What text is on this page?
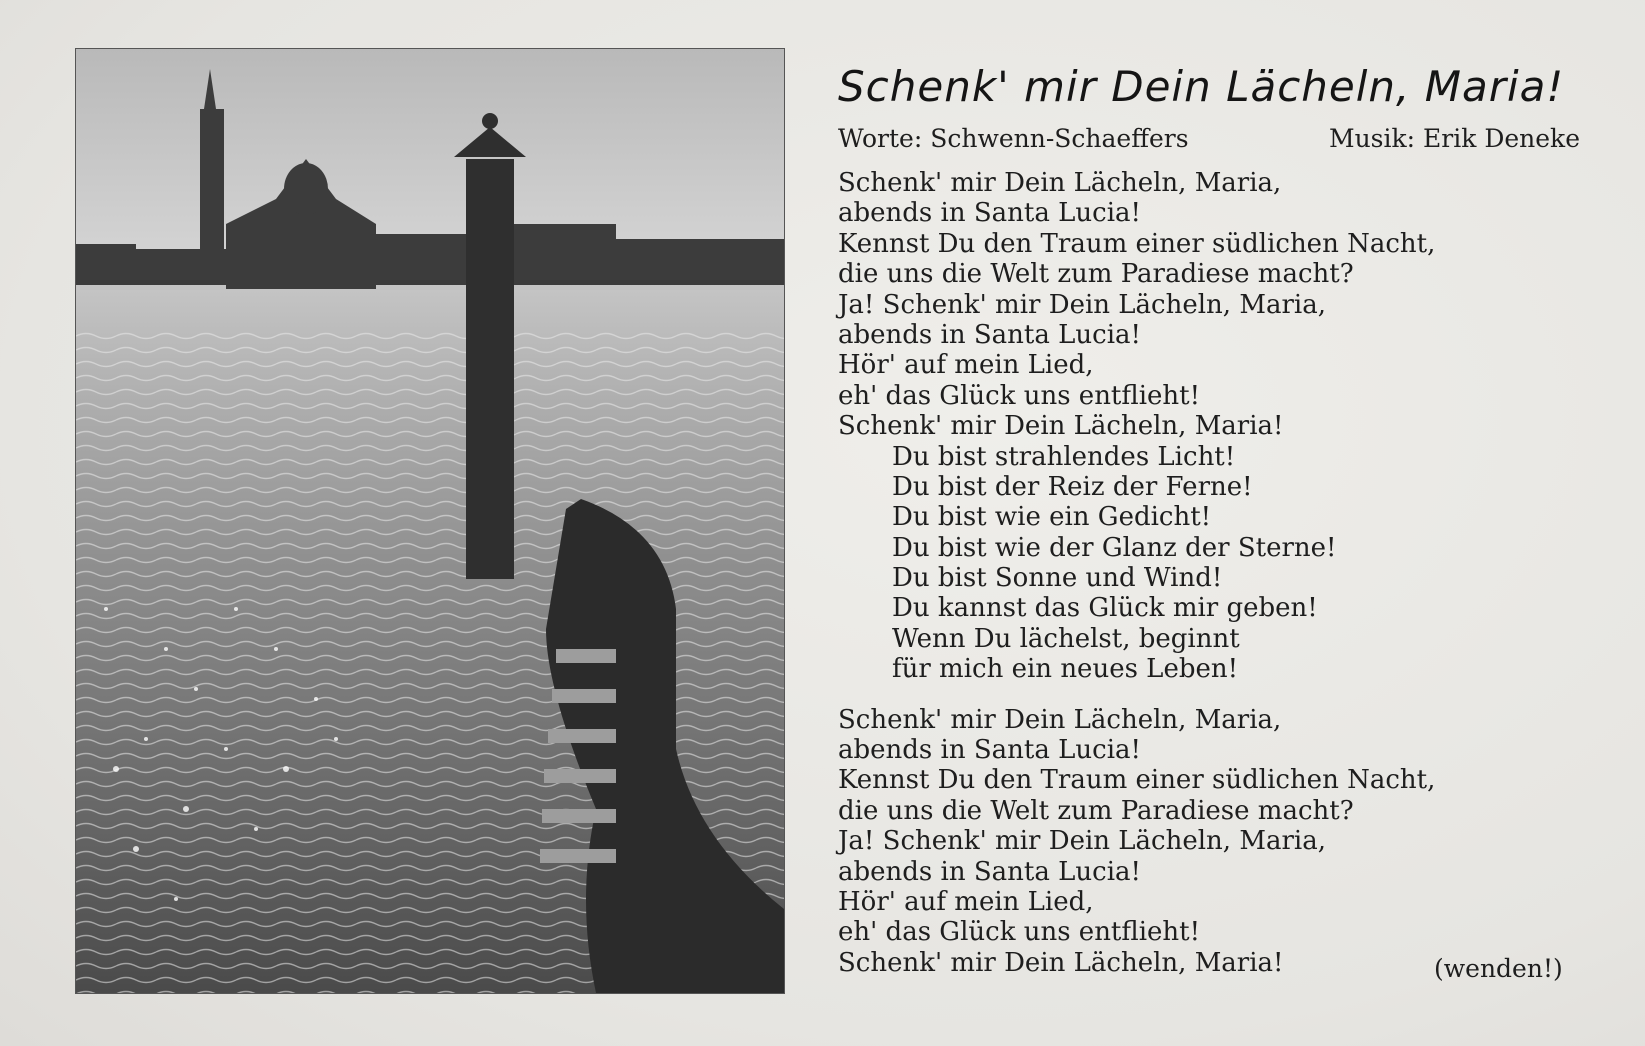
Schenk' mir Dein Lächeln, Maria!
Worte: Schwenn-Schaeffers	Musik: Erik Deneke
Schenk' mir Dein Lächeln, Maria,
abends in Santa Lucia!
Kennst Du den Traum einer südlichen Nacht,
die uns die Welt zum Paradiese macht?
Ja! Schenk' mir Dein Lächeln, Maria,
abends in Santa Lucia!
Hör' auf mein Lied,
eh' das Glück uns entflieht!
Schenk' mir Dein Lächeln, Maria!
Du bist strahlendes Licht!
Du bist der Reiz der Ferne!
Du bist wie ein Gedicht!
Du bist wie der Glanz der Sterne!
Du bist Sonne und Wind!
Du kannst das Glück mir geben!
Wenn Du lächelst, beginnt
für mich ein neues Leben!
Schenk' mir Dein Lächeln, Maria,
abends in Santa Lucia!
Kennst Du den Traum einer südlichen Nacht,
die uns die Welt zum Paradiese macht?
Ja! Schenk' mir Dein Lächeln, Maria,
abends in Santa Lucia!
Hör' auf mein Lied,
eh' das Glück uns entflieht!
Schenk' mir Dein Lächeln, Maria!	(wenden!)
